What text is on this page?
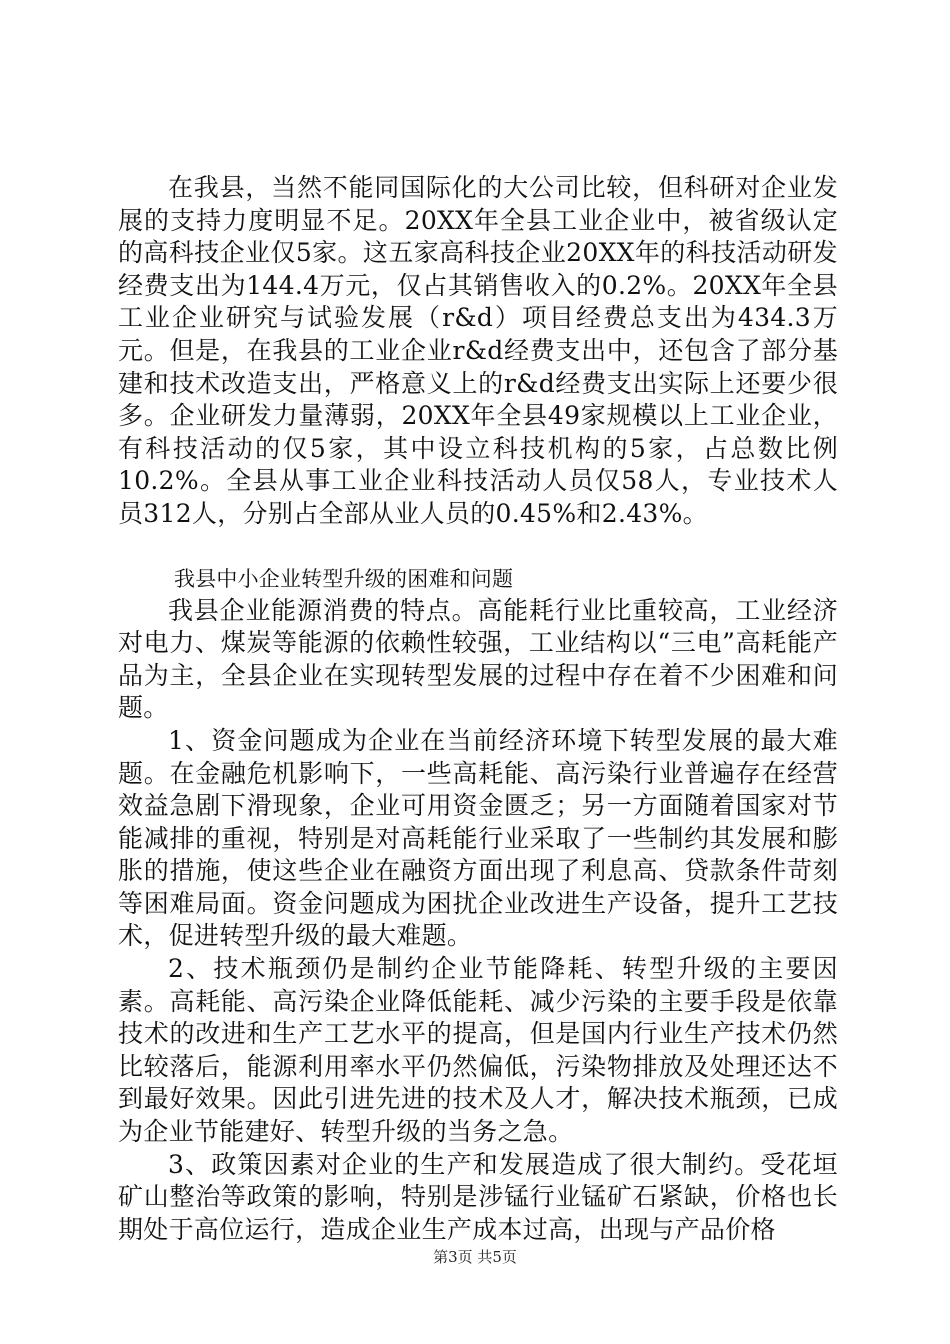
在我县，当然不能同国际化的大公司比较，但科研对企业发展的支持力度明显不足。20XX年全县工业企业中，被省级认定的高科技企业仅5家。这五家高科技企业20XX年的科技活动研发经费支出为144.4万元，仅占其销售收入的0.2%。20XX年全县工业企业研究与试验发展（r&d）项目经费总支出为434.3万元。但是，在我县的工业企业r&d经费支出中，还包含了部分基建和技术改造支出，严格意义上的r&d经费支出实际上还要少很多。企业研发力量薄弱，20XX年全县49家规模以上工业企业，有科技活动的仅5家，其中设立科技机构的5家，占总数比例10.2%。全县从事工业企业科技活动人员仅58人，专业技术人员312人，分别占全部从业人员的0.45%和2.43%。

我县中小企业转型升级的困难和问题

我县企业能源消费的特点。高能耗行业比重较高，工业经济对电力、煤炭等能源的依赖性较强，工业结构以“三电”高耗能产品为主，全县企业在实现转型发展的过程中存在着不少困难和问题。

1、资金问题成为企业在当前经济环境下转型发展的最大难题。在金融危机影响下，一些高耗能、高污染行业普遍存在经营效益急剧下滑现象，企业可用资金匮乏；另一方面随着国家对节能减排的重视，特别是对高耗能行业采取了一些制约其发展和膨胀的措施，使这些企业在融资方面出现了利息高、贷款条件苛刻等困难局面。资金问题成为困扰企业改进生产设备，提升工艺技术，促进转型升级的最大难题。

2、技术瓶颈仍是制约企业节能降耗、转型升级的主要因素。高耗能、高污染企业降低能耗、减少污染的主要手段是依靠技术的改进和生产工艺水平的提高，但是国内行业生产技术仍然比较落后，能源利用率水平仍然偏低，污染物排放及处理还达不到最好效果。因此引进先进的技术及人才，解决技术瓶颈，已成为企业节能建好、转型升级的当务之急。

3、政策因素对企业的生产和发展造成了很大制约。受花垣矿山整治等政策的影响，特别是涉锰行业锰矿石紧缺，价格也长期处于高位运行，造成企业生产成本过高，出现与产品价格

第3页 共5页
